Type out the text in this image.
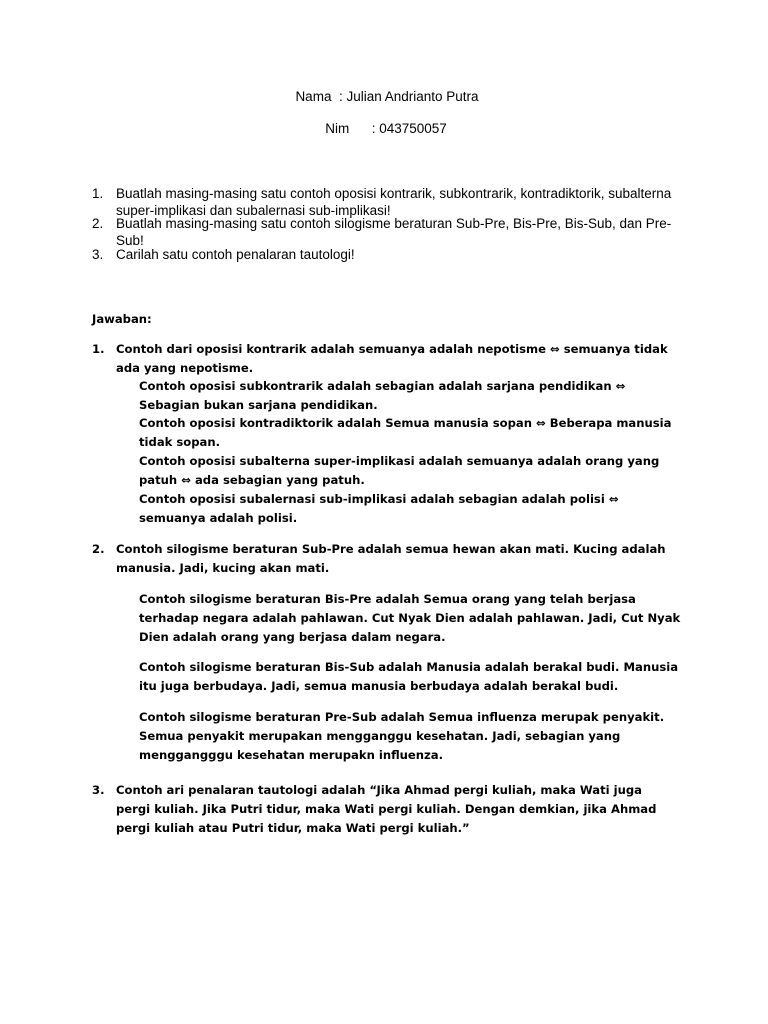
Nama  : Julian Andrianto Putra
Nim      : 043750057
1. Buatlah masing-masing satu contoh oposisi kontrarik, subkontrarik, kontradiktorik, subalterna super-implikasi dan subalernasi sub-implikasi!
2. Buatlah masing-masing satu contoh silogisme beraturan Sub-Pre, Bis-Pre, Bis-Sub, dan Pre-Sub!
3. Carilah satu contoh penalaran tautologi!
Jawaban:
1. Contoh dari oposisi kontrarik adalah semuanya adalah nepotisme ⇔ semuanya tidak ada yang nepotisme.
Contoh oposisi subkontrarik adalah sebagian adalah sarjana pendidikan ⇔ Sebagian bukan sarjana pendidikan.
Contoh oposisi kontradiktorik adalah Semua manusia sopan ⇔ Beberapa manusia tidak sopan.
Contoh oposisi subalterna super-implikasi adalah semuanya adalah orang yang patuh ⇔ ada sebagian yang patuh.
Contoh oposisi subalernasi sub-implikasi adalah sebagian adalah polisi ⇔ semuanya adalah polisi.
2. Contoh silogisme beraturan Sub-Pre adalah semua hewan akan mati. Kucing adalah manusia. Jadi, kucing akan mati.
Contoh silogisme beraturan Bis-Pre adalah Semua orang yang telah berjasa terhadap negara adalah pahlawan. Cut Nyak Dien adalah pahlawan. Jadi, Cut Nyak Dien adalah orang yang berjasa dalam negara.
Contoh silogisme beraturan Bis-Sub adalah Manusia adalah berakal budi. Manusia itu juga berbudaya. Jadi, semua manusia berbudaya adalah berakal budi.
Contoh silogisme beraturan Pre-Sub adalah Semua influenza merupak penyakit. Semua penyakit merupakan mengganggu kesehatan. Jadi, sebagian yang menggangggu kesehatan merupakn influenza.
3. Contoh ari penalaran tautologi adalah “Jika Ahmad pergi kuliah, maka Wati juga pergi kuliah. Jika Putri tidur, maka Wati pergi kuliah. Dengan demkian, jika Ahmad pergi kuliah atau Putri tidur, maka Wati pergi kuliah.”
